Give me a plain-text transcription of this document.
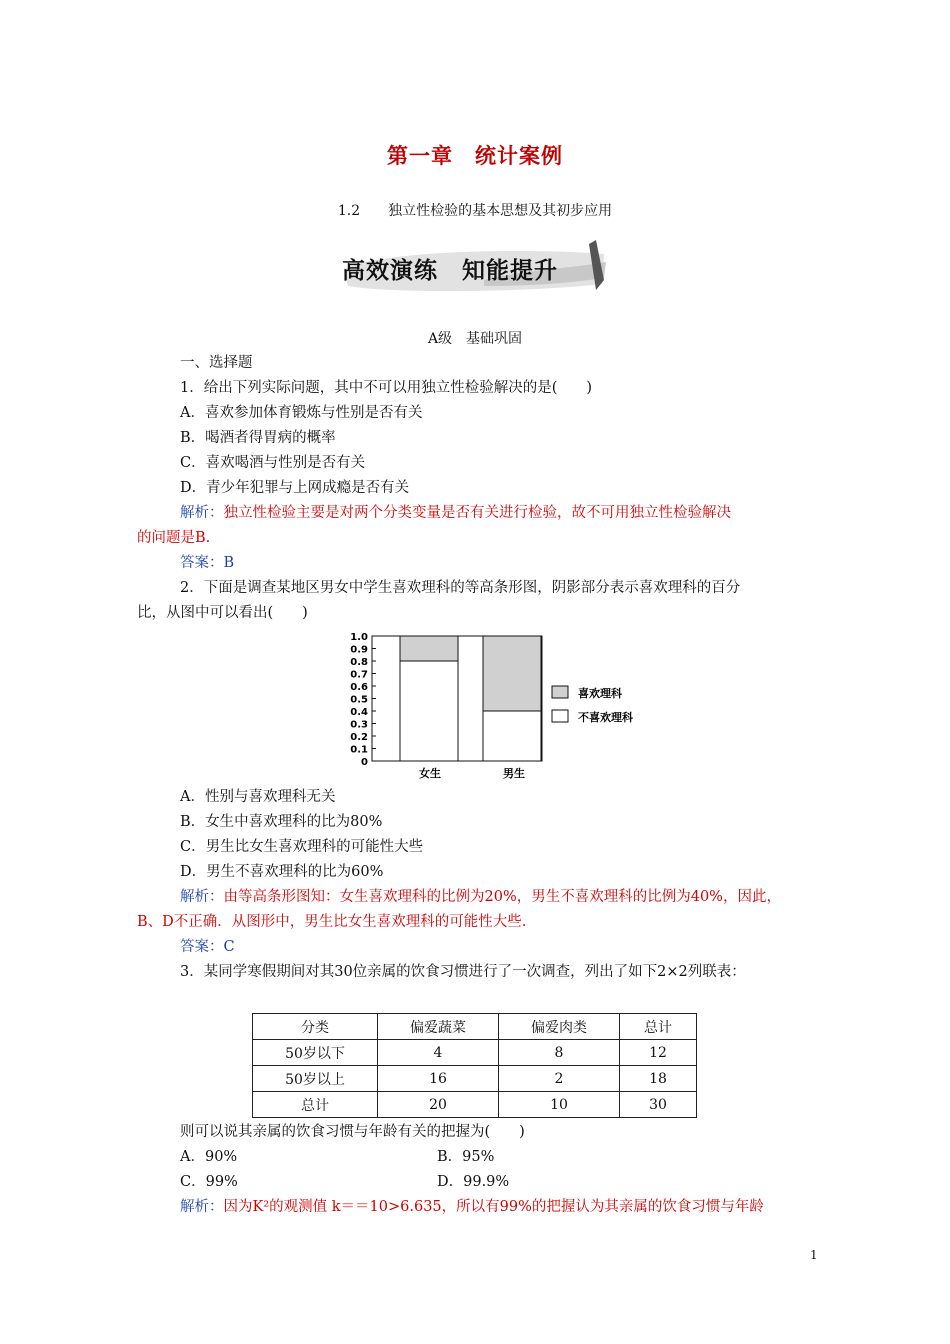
第一章　统计案例
1.2　　独立性检验的基本思想及其初步应用
高效演练　知能提升
A级　基础巩固
一、选择题
1．给出下列实际问题，其中不可以用独立性检验解决的是(　　)
A．喜欢参加体育锻炼与性别是否有关
B．喝酒者得胃病的概率
C．喜欢喝酒与性别是否有关
D．青少年犯罪与上网成瘾是否有关
解析：独立性检验主要是对两个分类变量是否有关进行检验，故不可用独立性检验解决
的问题是B.
答案：B
2．下面是调查某地区男女中学生喜欢理科的等高条形图，阴影部分表示喜欢理科的百分
比，从图中可以看出(　　)
0
0.1
0.2
0.3
0.4
0.5
0.6
0.7
0.8
0.9
1.0
女生	男生
喜欢理科
不喜欢理科
A．性别与喜欢理科无关
B．女生中喜欢理科的比为80%
C．男生比女生喜欢理科的可能性大些
D．男生不喜欢理科的比为60%
解析：由等高条形图知：女生喜欢理科的比例为20%，男生不喜欢理科的比例为40%，因此，
B、D不正确．从图形中，男生比女生喜欢理科的可能性大些.
答案：C
3．某同学寒假期间对其30位亲属的饮食习惯进行了一次调查，列出了如下2×2列联表：
分类	偏爱蔬菜	偏爱肉类	总计
50岁以下	4	8	12
50岁以上	16	2	18
总计	20	10	30
则可以说其亲属的饮食习惯与年龄有关的把握为(　　)
A．90%	B．95%
C．99%	D．99.9%
解析：因为K²的观测值 k＝＝10>6.635，所以有99%的把握认为其亲属的饮食习惯与年龄
1
